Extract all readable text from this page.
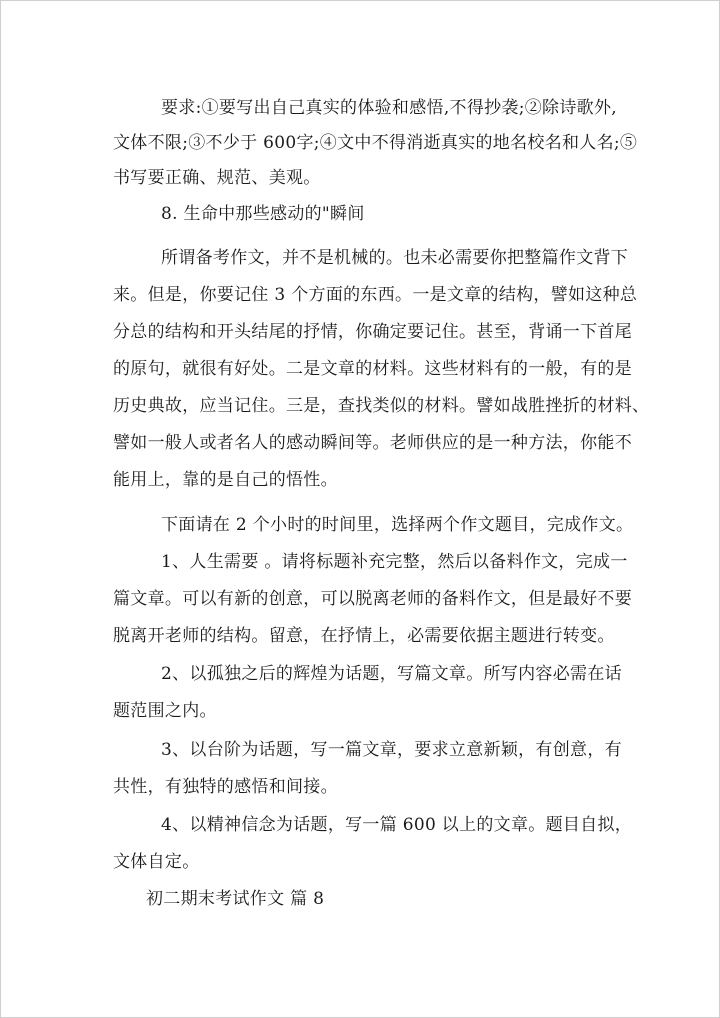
要求:①要写出自己真实的体验和感悟,不得抄袭;②除诗歌外,
文体不限;③不少于 600字;④文中不得消逝真实的地名校名和人名;⑤
书写要正确、规范、美观。
8. 生命中那些感动的"瞬间
所谓备考作文，并不是机械的。也未必需要你把整篇作文背下
来。但是，你要记住 3 个方面的东西。一是文章的结构，譬如这种总
分总的结构和开头结尾的抒情，你确定要记住。甚至，背诵一下首尾
的原句，就很有好处。二是文章的材料。这些材料有的一般，有的是
历史典故，应当记住。三是，查找类似的材料。譬如战胜挫折的材料、
譬如一般人或者名人的感动瞬间等。老师供应的是一种方法，你能不
能用上，靠的是自己的悟性。
下面请在 2 个小时的时间里，选择两个作文题目，完成作文。
1、人生需要 。请将标题补充完整，然后以备料作文，完成一
篇文章。可以有新的创意，可以脱离老师的备料作文，但是最好不要
脱离开老师的结构。留意，在抒情上，必需要依据主题进行转变。
2、以孤独之后的辉煌为话题，写篇文章。所写内容必需在话
题范围之内。
3、以台阶为话题，写一篇文章，要求立意新颖，有创意，有
共性，有独特的感悟和间接。
4、以精神信念为话题，写一篇 600 以上的文章。题目自拟，
文体自定。
初二期末考试作文 篇 8
